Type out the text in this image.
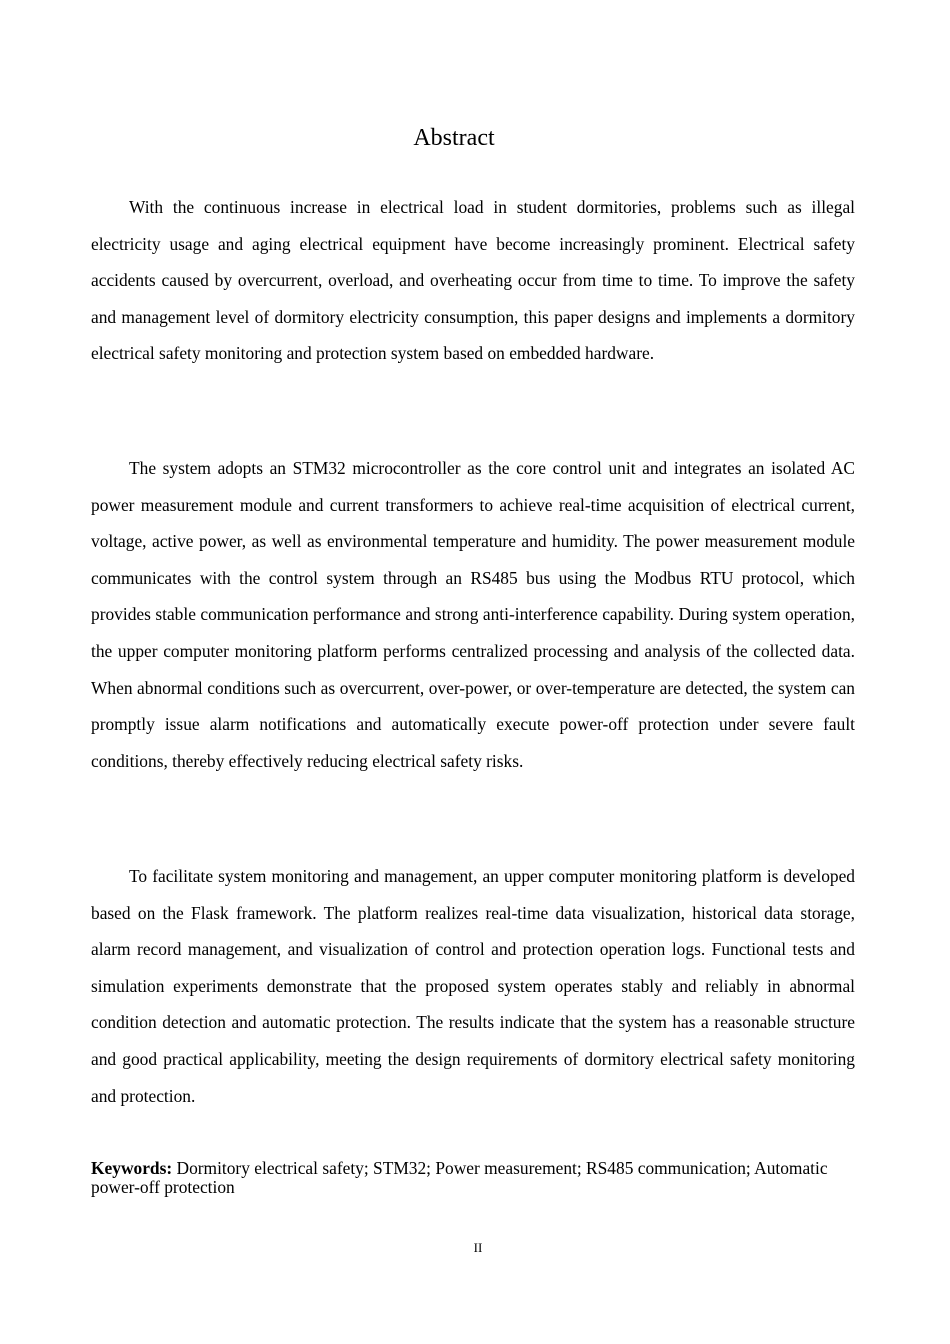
Abstract

With the continuous increase in electrical load in student dormitories, problems such as illegal electricity usage and aging electrical equipment have become increasingly prominent. Electrical safety accidents caused by overcurrent, overload, and overheating occur from time to time. To improve the safety and management level of dormitory electricity consumption, this paper designs and implements a dormitory electrical safety monitoring and protection system based on embedded hardware.

The system adopts an STM32 microcontroller as the core control unit and integrates an isolated AC power measurement module and current transformers to achieve real-time acquisition of electrical current, voltage, active power, as well as environmental temperature and humidity. The power measurement module communicates with the control system through an RS485 bus using the Modbus RTU protocol, which provides stable communication performance and strong anti-interference capability. During system operation, the upper computer monitoring platform performs centralized processing and analysis of the collected data. When abnormal conditions such as overcurrent, over-power, or over-temperature are detected, the system can promptly issue alarm notifications and automatically execute power-off protection under severe fault conditions, thereby effectively reducing electrical safety risks.

To facilitate system monitoring and management, an upper computer monitoring platform is developed based on the Flask framework. The platform realizes real-time data visualization, historical data storage, alarm record management, and visualization of control and protection operation logs. Functional tests and simulation experiments demonstrate that the proposed system operates stably and reliably in abnormal condition detection and automatic protection. The results indicate that the system has a reasonable structure and good practical applicability, meeting the design requirements of dormitory electrical safety monitoring and protection.

Keywords: Dormitory electrical safety; STM32; Power measurement; RS485 communication; Automatic power-off protection

II
